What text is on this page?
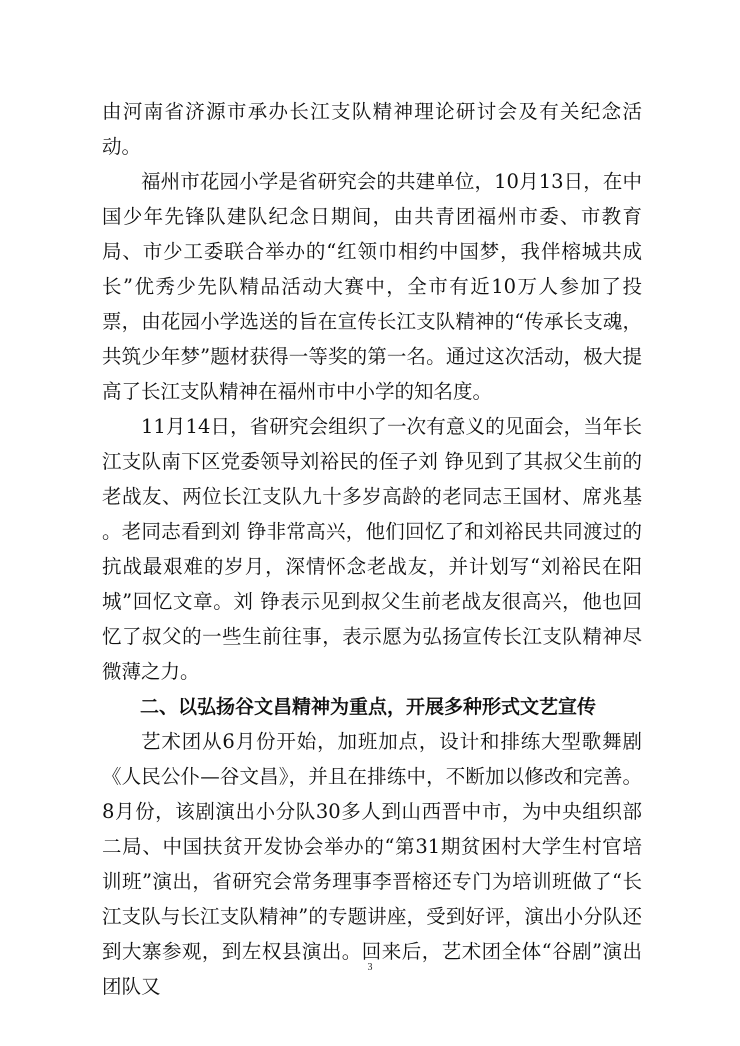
由河南省济源市承办长江支队精神理论研讨会及有关纪念活动。

福州市花园小学是省研究会的共建单位，10月13日，在中国少年先锋队建队纪念日期间，由共青团福州市委、市教育局、市少工委联合举办的“红领巾相约中国梦，我伴榕城共成长”优秀少先队精品活动大赛中，全市有近10万人参加了投票，由花园小学选送的旨在宣传长江支队精神的“传承长支魂，共筑少年梦”题材获得一等奖的第一名。通过这次活动，极大提高了长江支队精神在福州市中小学的知名度。

11月14日，省研究会组织了一次有意义的见面会，当年长江支队南下区党委领导刘裕民的侄子刘 铮见到了其叔父生前的老战友、两位长江支队九十多岁高龄的老同志王国材、席兆基 。老同志看到刘 铮非常高兴，他们回忆了和刘裕民共同渡过的抗战最艰难的岁月，深情怀念老战友，并计划写“刘裕民在阳城”回忆文章。刘 铮表示见到叔父生前老战友很高兴，他也回忆了叔父的一些生前往事，表示愿为弘扬宣传长江支队精神尽微薄之力。

二、以弘扬谷文昌精神为重点，开展多种形式文艺宣传

艺术团从6月份开始，加班加点，设计和排练大型歌舞剧《人民公仆—谷文昌》，并且在排练中，不断加以修改和完善。8月份，该剧演出小分队30多人到山西晋中市，为中央组织部二局、中国扶贫开发协会举办的“第31期贫困村大学生村官培训班”演出，省研究会常务理事李晋榕还专门为培训班做了“长江支队与长江支队精神”的专题讲座，受到好评，演出小分队还到大寨参观，到左权县演出。回来后，艺术团全体“谷剧”演出团队又

3
